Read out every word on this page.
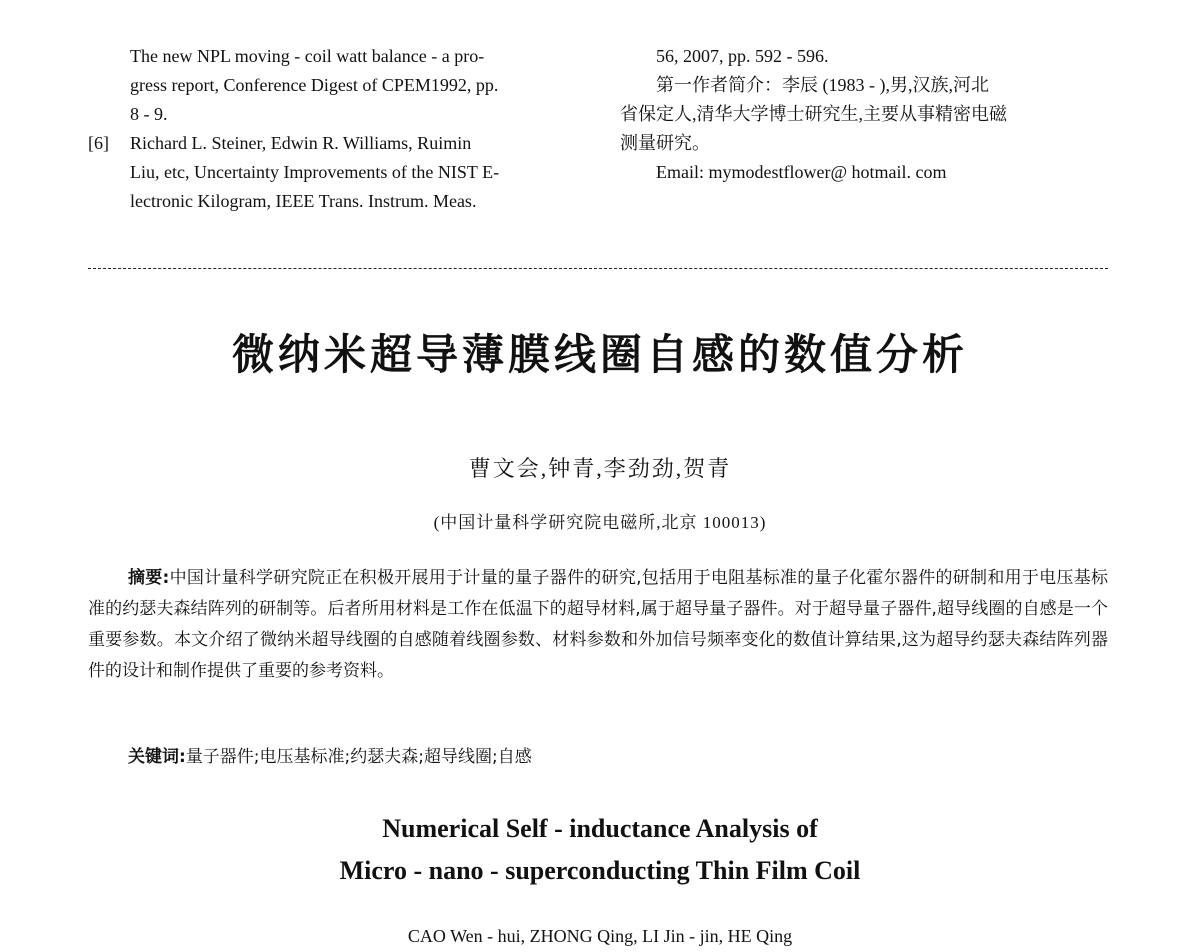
The new NPL moving - coil watt balance - a pro-
gress report, Conference Digest of CPEM1992, pp.
8 - 9.
[6]	Richard L. Steiner, Edwin R. Williams, Ruimin
Liu, etc, Uncertainty Improvements of the NIST E-
lectronic Kilogram, IEEE Trans. Instrum. Meas.
56, 2007, pp. 592 - 596.
第一作者简介：李辰 (1983 - ),男,汉族,河北
省保定人,清华大学博士研究生,主要从事精密电磁
测量研究。
Email: mymodestflower@ hotmail. com
微纳米超导薄膜线圈自感的数值分析
曹文会,钟青,李劲劲,贺青
(中国计量科学研究院电磁所,北京 100013)

摘要:中国计量科学研究院正在积极开展用于计量的量子器件的研究,包括用于电阻基标准的量子化霍尔器件的研制和用于电压基标准的约瑟夫森结阵列的研制等。后者所用材料是工作在低温下的超导材料,属于超导量子器件。对于超导量子器件,超导线圈的自感是一个重要参数。本文介绍了微纳米超导线圈的自感随着线圈参数、材料参数和外加信号频率变化的数值计算结果,这为超导约瑟夫森结阵列器件的设计和制作提供了重要的参考资料。

关键词:量子器件;电压基标准;约瑟夫森;超导线圈;自感
Numerical Self - inductance Analysis of
Micro - nano - superconducting Thin Film Coil
CAO Wen - hui, ZHONG Qing, LI Jin - jin, HE Qing
